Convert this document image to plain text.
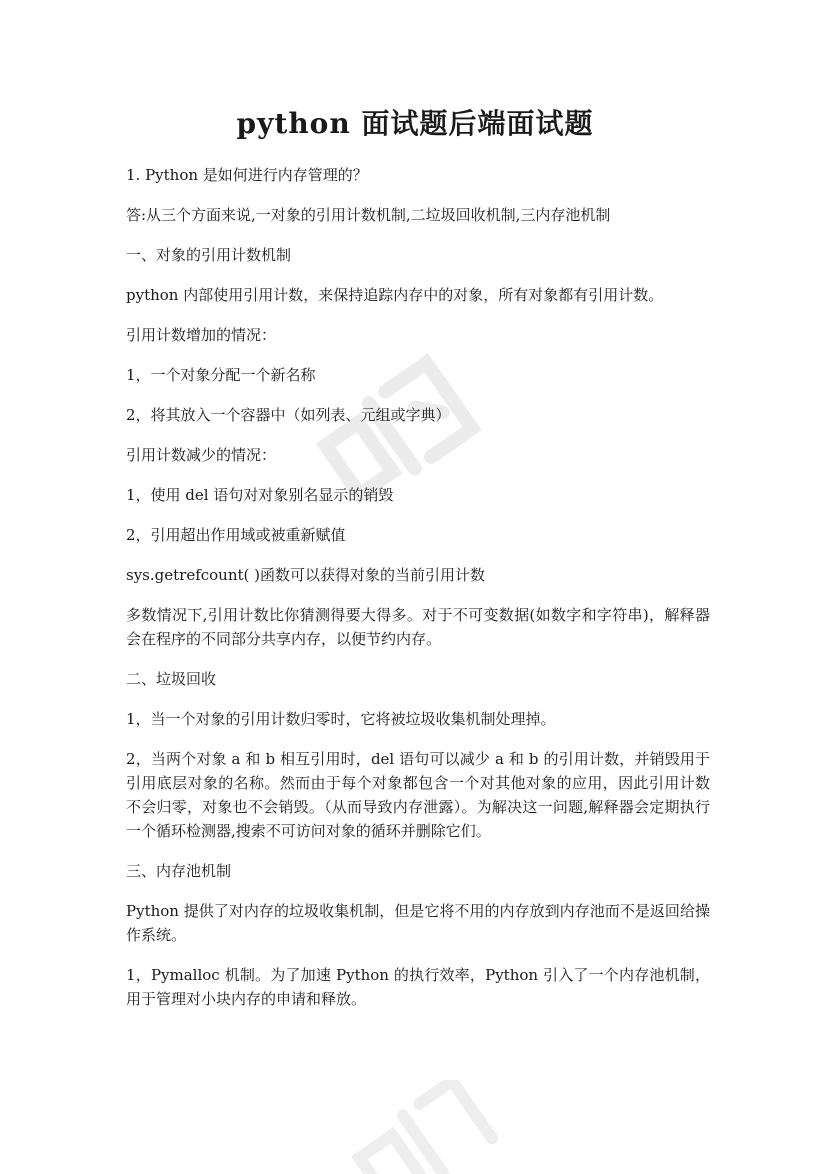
python 面试题后端面试题

1. Python 是如何进行内存管理的？

答:从三个方面来说,一对象的引用计数机制,二垃圾回收机制,三内存池机制

一、对象的引用计数机制

python 内部使用引用计数，来保持追踪内存中的对象，所有对象都有引用计数。

引用计数增加的情况：

1，一个对象分配一个新名称

2，将其放入一个容器中（如列表、元组或字典）

引用计数减少的情况：

1，使用 del 语句对对象别名显示的销毁

2，引用超出作用域或被重新赋值

sys.getrefcount( )函数可以获得对象的当前引用计数

多数情况下,引用计数比你猜测得要大得多。对于不可变数据(如数字和字符串)，解释器会在程序的不同部分共享内存，以便节约内存。

二、垃圾回收

1，当一个对象的引用计数归零时，它将被垃圾收集机制处理掉。

2，当两个对象 a 和 b 相互引用时，del 语句可以减少 a 和 b 的引用计数，并销毁用于引用底层对象的名称。然而由于每个对象都包含一个对其他对象的应用，因此引用计数不会归零，对象也不会销毁。（从而导致内存泄露）。为解决这一问题,解释器会定期执行一个循环检测器,搜索不可访问对象的循环并删除它们。

三、内存池机制

Python 提供了对内存的垃圾收集机制，但是它将不用的内存放到内存池而不是返回给操作系统。

1，Pymalloc 机制。为了加速 Python 的执行效率，Python 引入了一个内存池机制，用于管理对小块内存的申请和释放。
